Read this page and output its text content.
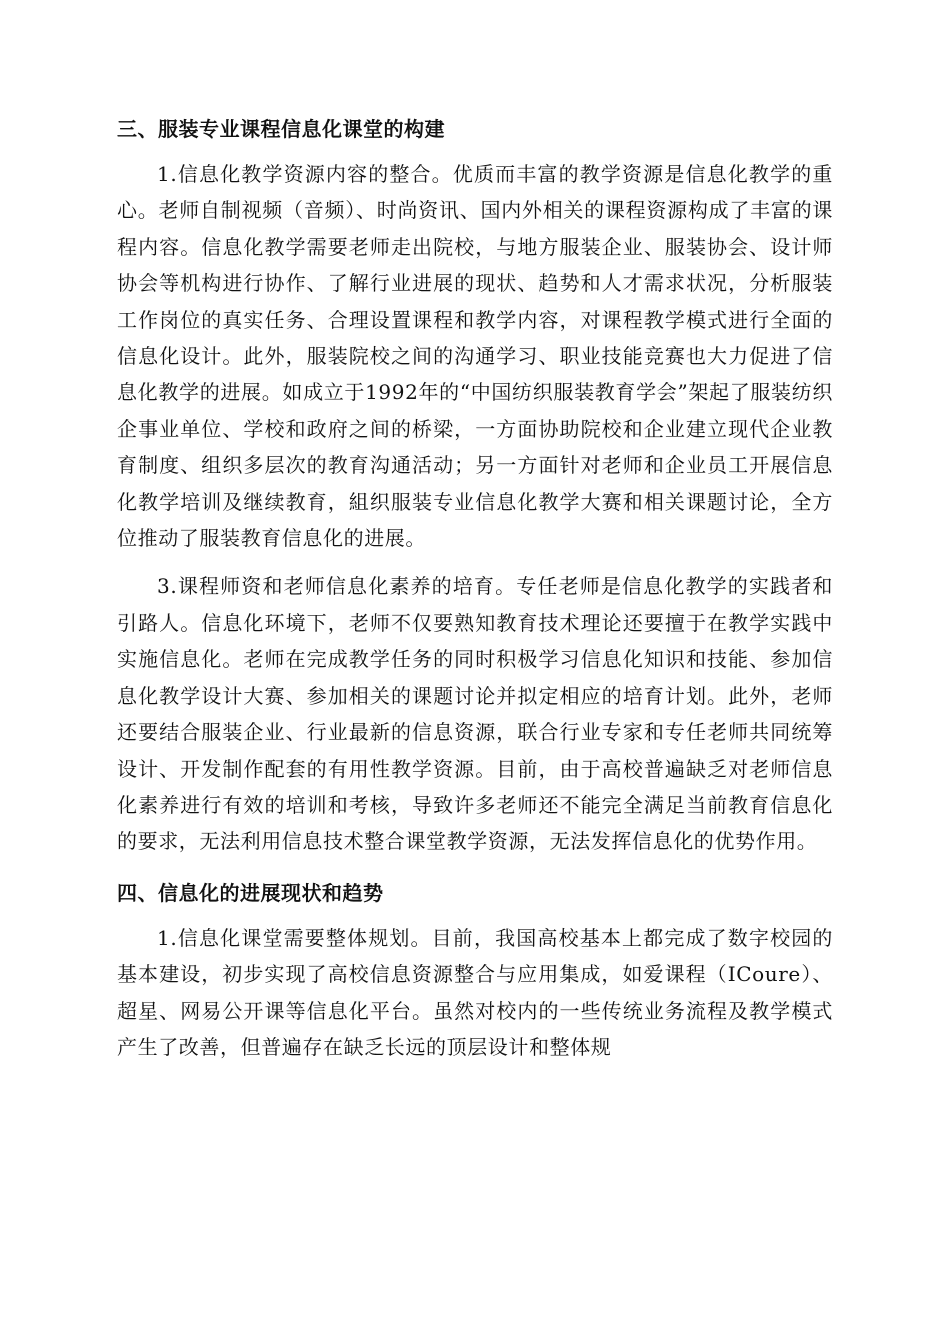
三、服装专业课程信息化课堂的构建

1.信息化教学资源内容的整合。优质而丰富的教学资源是信息化教学的重心。老师自制视频（音频）、时尚资讯、国内外相关的课程资源构成了丰富的课程内容。信息化教学需要老师走出院校，与地方服装企业、服装协会、设计师协会等机构进行协作、了解行业进展的现状、趋势和人才需求状况，分析服装工作岗位的真实任务、合理设置课程和教学内容，对课程教学模式进行全面的信息化设计。此外，服装院校之间的沟通学习、职业技能竞赛也大力促进了信息化教学的进展。如成立于1992年的“中国纺织服装教育学会”架起了服装纺织企事业单位、学校和政府之间的桥梁，一方面协助院校和企业建立现代企业教育制度、组织多层次的教育沟通活动；另一方面针对老师和企业员工开展信息化教学培训及继续教育，組织服装专业信息化教学大赛和相关课题讨论，全方位推动了服装教育信息化的进展。

3.课程师资和老师信息化素养的培育。专任老师是信息化教学的实践者和引路人。信息化环境下，老师不仅要熟知教育技术理论还要擅于在教学实践中实施信息化。老师在完成教学任务的同时积极学习信息化知识和技能、参加信息化教学设计大赛、参加相关的课题讨论并拟定相应的培育计划。此外，老师还要结合服装企业、行业最新的信息资源，联合行业专家和专任老师共同统筹设计、开发制作配套的有用性教学资源。目前，由于高校普遍缺乏对老师信息化素养进行有效的培训和考核，导致许多老师还不能完全满足当前教育信息化的要求，无法利用信息技术整合课堂教学资源，无法发挥信息化的优势作用。

四、信息化的进展现状和趋势

1.信息化课堂需要整体规划。目前，我国高校基本上都完成了数字校园的基本建设，初步实现了高校信息资源整合与应用集成，如爱课程（ICoure）、超星、网易公开课等信息化平台。虽然对校内的一些传统业务流程及教学模式产生了改善，但普遍存在缺乏长远的顶层设计和整体规
